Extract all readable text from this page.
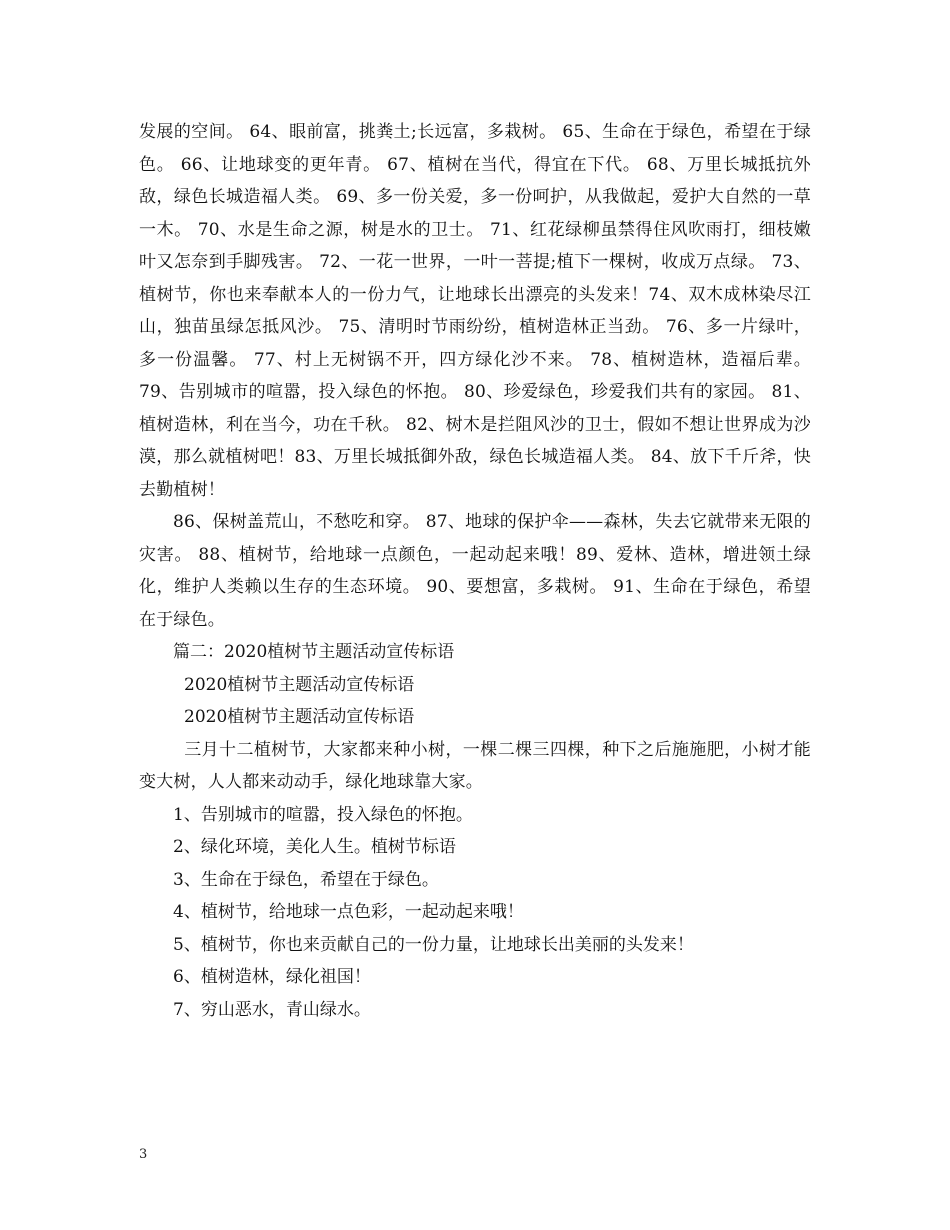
发展的空间。 64、眼前富，挑粪土;长远富，多栽树。 65、生命在于绿色，希望在于绿色。 66、让地球变的更年青。 67、植树在当代，得宜在下代。 68、万里长城抵抗外敌，绿色长城造福人类。 69、多一份关爱，多一份呵护，从我做起，爱护大自然的一草一木。 70、水是生命之源，树是水的卫士。 71、红花绿柳虽禁得住风吹雨打，细枝嫩叶又怎奈到手脚残害。 72、一花一世界，一叶一菩提;植下一棵树，收成万点绿。 73、植树节，你也来奉献本人的一份力气，让地球长出漂亮的头发来！74、双木成林染尽江山，独苗虽绿怎抵风沙。 75、清明时节雨纷纷，植树造林正当劲。 76、多一片绿叶，多一份温馨。 77、村上无树锅不开，四方绿化沙不来。 78、植树造林，造福后辈。 79、告别城市的喧嚣，投入绿色的怀抱。 80、珍爱绿色，珍爱我们共有的家园。 81、植树造林，利在当今，功在千秋。 82、树木是拦阻风沙的卫士，假如不想让世界成为沙漠，那么就植树吧！83、万里长城抵御外敌，绿色长城造福人类。 84、放下千斤斧，快去勤植树！

86、保树盖荒山，不愁吃和穿。 87、地球的保护伞——森林，失去它就带来无限的灾害。 88、植树节，给地球一点颜色，一起动起来哦！89、爱林、造林，增进领土绿化，维护人类赖以生存的生态环境。 90、要想富，多栽树。 91、生命在于绿色，希望在于绿色。

篇二：2020植树节主题活动宣传标语

2020植树节主题活动宣传标语

2020植树节主题活动宣传标语

三月十二植树节，大家都来种小树，一棵二棵三四棵，种下之后施施肥，小树才能变大树，人人都来动动手，绿化地球靠大家。

1、告别城市的喧嚣，投入绿色的怀抱。

2、绿化环境，美化人生。植树节标语

3、生命在于绿色，希望在于绿色。

4、植树节，给地球一点色彩，一起动起来哦！

5、植树节，你也来贡献自己的一份力量，让地球长出美丽的头发来！

6、植树造林，绿化祖国！

7、穷山恶水，青山绿水。

3
